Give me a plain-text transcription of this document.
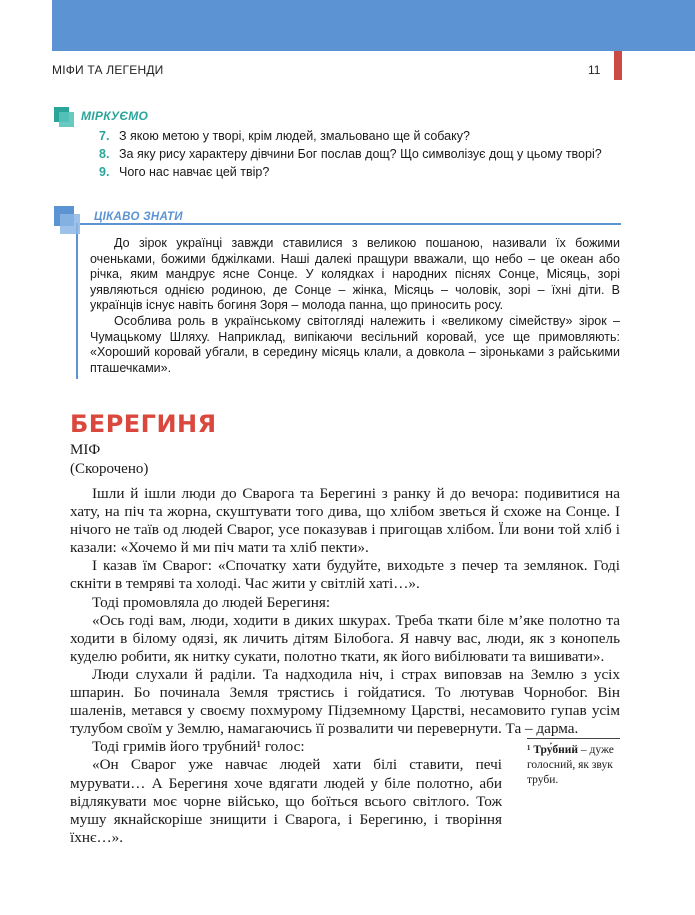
МІФИ ТА ЛЕГЕНДИ	11
МІРКУЄМО
7. З якою метою у творі, крім людей, змальовано ще й собаку?
8. За яку рису характеру дівчини Бог послав дощ? Що символізує дощ у цьому творі?
9. Чого нас навчає цей твір?
ЦІКАВО ЗНАТИ

До зірок українці завжди ставилися з великою пошаною, називали їх божими оченьками, божими бджілками. Наші далекі пращури вважали, що небо – це океан або річка, яким мандрує ясне Сонце. У колядках і народних піснях Сонце, Місяць, зорі уявляються однією родиною, де Сонце – жінка, Місяць – чоловік, зорі – їхні діти. В українців існує навіть богиня Зоря – молода панна, що приносить росу.

Особлива роль в українському світогляді належить і «великому сімейству» зірок – Чумацькому Шляху. Наприклад, випікаючи весільний коровай, усе ще примовляють: «Хороший коровай убгали, в середину місяць клали, а довкола – зіроньками з райськими пташечками».

БЕРЕГИНЯ
МІФ
(Скорочено)

Ішли й ішли люди до Сварога та Берегині з ранку й до вечора: подивитися на хату, на піч та жорна, скуштувати того дива, що хлібом зветься й схоже на Сонце. І нічого не таїв од людей Сварог, усе показував і пригощав хлібом. Їли вони той хліб і казали: «Хочемо й ми піч мати та хліб пекти».

І казав їм Сварог: «Спочатку хати будуйте, виходьте з печер та землянок. Годі скніти в темряві та холоді. Час жити у світлій хаті…».

Тоді промовляла до людей Берегиня:

«Ось годі вам, люди, ходити в диких шкурах. Треба ткати біле м’яке полотно та ходити в білому одязі, як личить дітям Білобога. Я навчу вас, люди, як з конопель куделю робити, як нитку сукати, полотно ткати, як його вибілювати та вишивати».

Люди слухали й раділи. Та надходила ніч, і страх виповзав на Землю з усіх шпарин. Бо починала Земля трястись і гойдатися. То лютував Чорнобог. Він шаленів, метався у своєму похмурому Підземному Царстві, несамовито гупав усім тулубом своїм у Землю, намагаючись її розвалити чи перевернути. Та – дарма.

Тоді гримів його трубний¹ голос:

«Он Сварог уже навчає людей хати білі ставити, печі мурувати… А Берегиня хоче вдягати людей у біле полотно, аби відлякувати моє чорне військо, що боїться всього світлого. Тож мушу якнайскоріше знищити і Сварога, і Берегиню, і творіння їхнє…».

¹ Тру́бний – дуже голосний, як звук труби.
